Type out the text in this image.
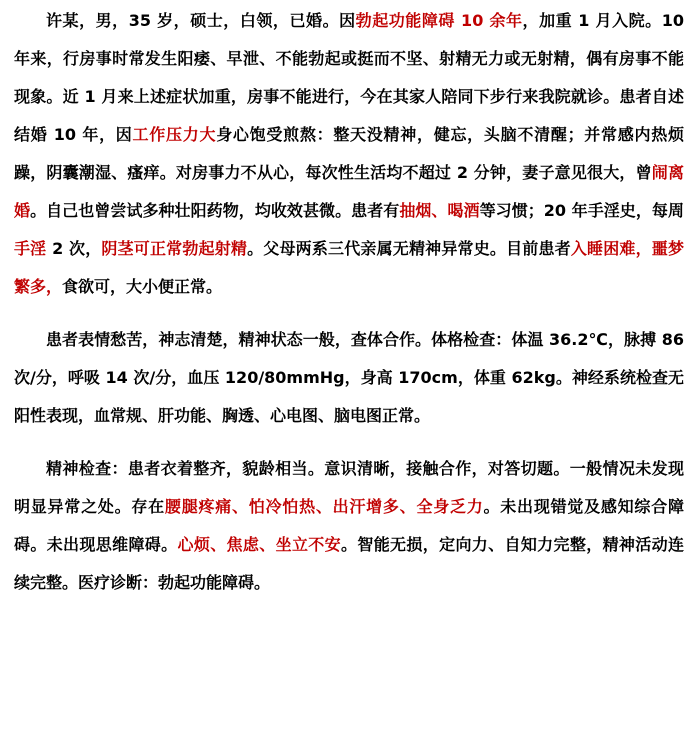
许某，男，35 岁，硕士，白领，已婚。因勃起功能障碍 10 余年，加重 1 月入院。10 年来，行房事时常发生阳痿、早泄、不能勃起或挺而不坚、射精无力或无射精，偶有房事不能现象。近 1 月来上述症状加重，房事不能进行，今在其家人陪同下步行来我院就诊。患者自述结婚 10 年，因工作压力大身心饱受煎熬：整天没精神，健忘，头脑不清醒；并常感内热烦躁，阴囊潮湿、瘙痒。对房事力不从心，每次性生活均不超过 2 分钟，妻子意见很大，曾闹离婚。自己也曾尝试多种壮阳药物，均收效甚微。患者有抽烟、喝酒等习惯；20 年手淫史，每周手淫 2 次，阴茎可正常勃起射精。父母两系三代亲属无精神异常史。目前患者入睡困难，噩梦繁多，食欲可，大小便正常。

患者表情愁苦，神志清楚，精神状态一般，查体合作。体格检查：体温 36.2℃，脉搏 86 次/分，呼吸 14 次/分，血压 120/80mmHg，身高 170cm，体重 62kg。神经系统检查无阳性表现，血常规、肝功能、胸透、心电图、脑电图正常。

精神检查：患者衣着整齐，貌龄相当。意识清晰，接触合作，对答切题。一般情况未发现明显异常之处。存在腰腿疼痛、怕冷怕热、出汗增多、全身乏力。未出现错觉及感知综合障碍。未出现思维障碍。心烦、焦虑、坐立不安。智能无损，定向力、自知力完整，精神活动连续完整。医疗诊断：勃起功能障碍。
